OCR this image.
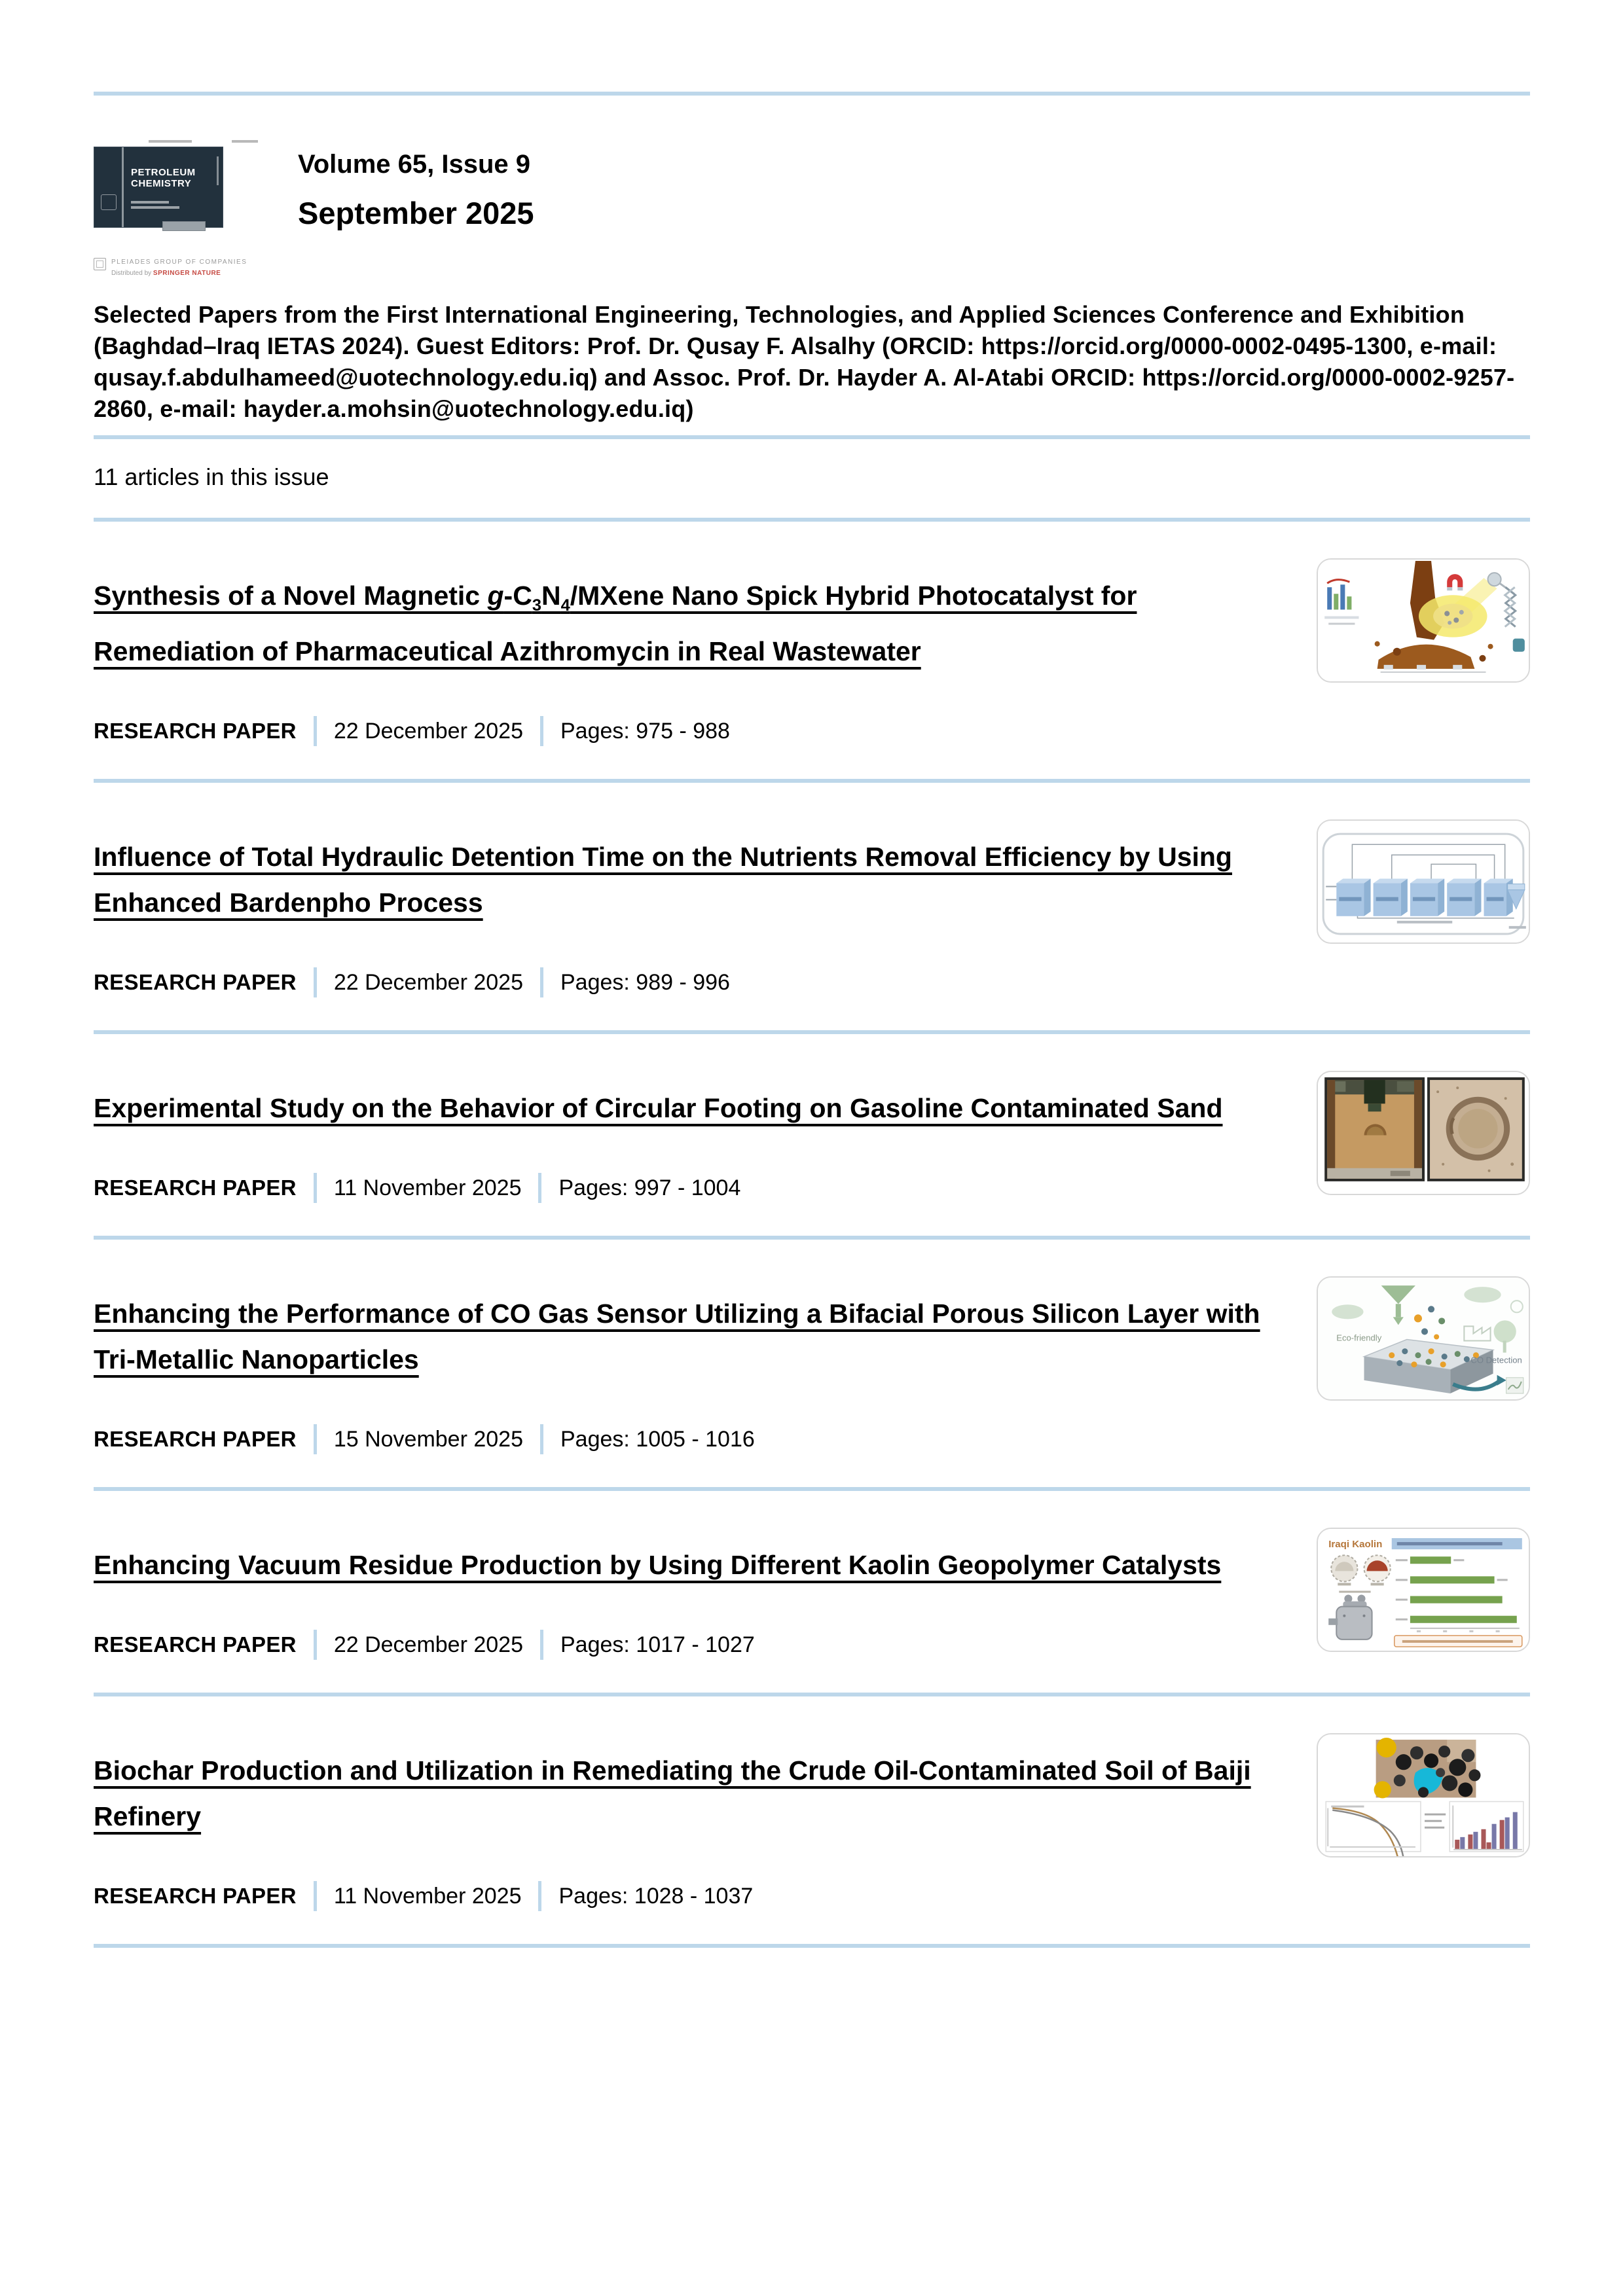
PETROLEUM CHEMISTRY
PLEIADES GROUP OF COMPANIES
Distributed by SPRINGER NATURE
Volume 65, Issue 9
September 2025
Selected Papers from the First International Engineering, Technologies, and Applied Sciences Conference and Exhibition (Baghdad–Iraq IETAS 2024). Guest Editors: Prof. Dr. Qusay F. Alsalhy (ORCID: https://orcid.org/0000-0002-0495-1300, e-mail: qusay.f.abdulhameed@uotechnology.edu.iq) and Assoc. Prof. Dr. Hayder A. Al-Atabi ORCID: https://orcid.org/0000-0002-9257-2860, e-mail: hayder.a.mohsin@uotechnology.edu.iq)
11 articles in this issue
Synthesis of a Novel Magnetic $g-C_3N_4$/MXene Nano Spick Hybrid Photocatalyst for Remediation of Pharmaceutical Azithromycin in Real Wastewater
RESEARCH PAPER 22 December 2025 Pages: 975 - 988
Influence of Total Hydraulic Detention Time on the Nutrients Removal Efficiency by Using Enhanced Bardenpho Process
RESEARCH PAPER 22 December 2025 Pages: 989 - 996
Experimental Study on the Behavior of Circular Footing on Gasoline Contaminated Sand
RESEARCH PAPER 11 November 2025 Pages: 997 - 1004
Enhancing the Performance of CO Gas Sensor Utilizing a Bifacial Porous Silicon Layer with Tri-Metallic Nanoparticles
RESEARCH PAPER 15 November 2025 Pages: 1005 - 1016
Eco-friendly
CO Detection
Enhancing Vacuum Residue Production by Using Different Kaolin Geopolymer Catalysts
RESEARCH PAPER 22 December 2025 Pages: 1017 - 1027
Iraqi Kaolin
Biochar Production and Utilization in Remediating the Crude Oil-Contaminated Soil of Baiji Refinery
RESEARCH PAPER 11 November 2025 Pages: 1028 - 1037
